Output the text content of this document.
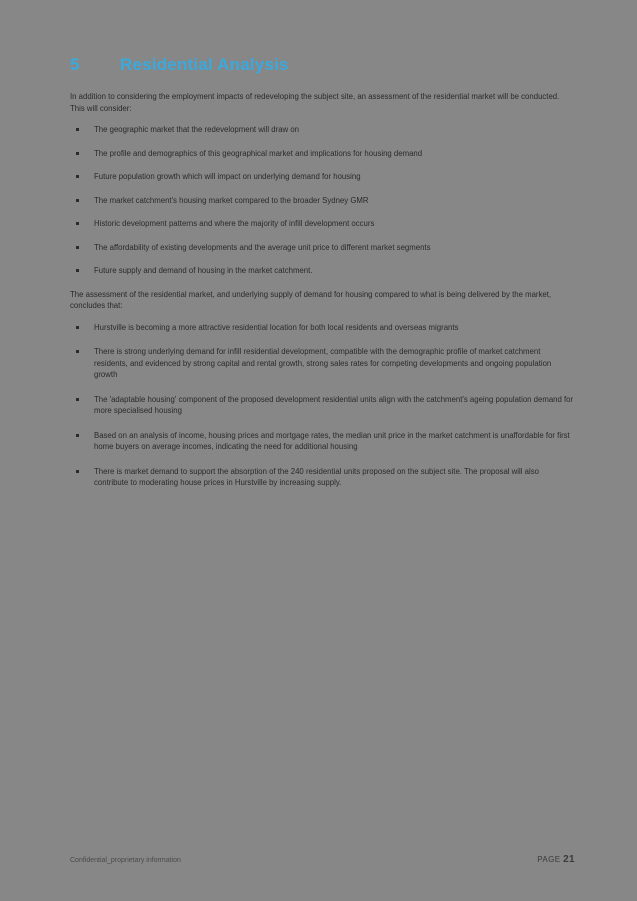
5	Residential Analysis

In addition to considering the employment impacts of redeveloping the subject site, an assessment of the residential market will be conducted. This will consider:

The geographic market that the redevelopment will draw on
The profile and demographics of this geographical market and implications for housing demand
Future population growth which will impact on underlying demand for housing
The market catchment's housing market compared to the broader Sydney GMR
Historic development patterns and where the majority of infill development occurs
The affordability of existing developments and the average unit price to different market segments
Future supply and demand of housing in the market catchment.

The assessment of the residential market, and underlying supply of demand for housing compared to what is being delivered by the market, concludes that:

Hurstville is becoming a more attractive residential location for both local residents and overseas migrants
There is strong underlying demand for infill residential development, compatible with the demographic profile of market catchment residents, and evidenced by strong capital and rental growth, strong sales rates for competing developments and ongoing population growth
The 'adaptable housing' component of the proposed development residential units align with the catchment's ageing population demand for more specialised housing
Based on an analysis of income, housing prices and mortgage rates, the median unit price in the market catchment is unaffordable for first home buyers on average incomes, indicating the need for additional housing
There is market demand to support the absorption of the 240 residential units proposed on the subject site. The proposal will also contribute to moderating house prices in Hurstville by increasing supply.
Confidential_proprietary information	PAGE 21
